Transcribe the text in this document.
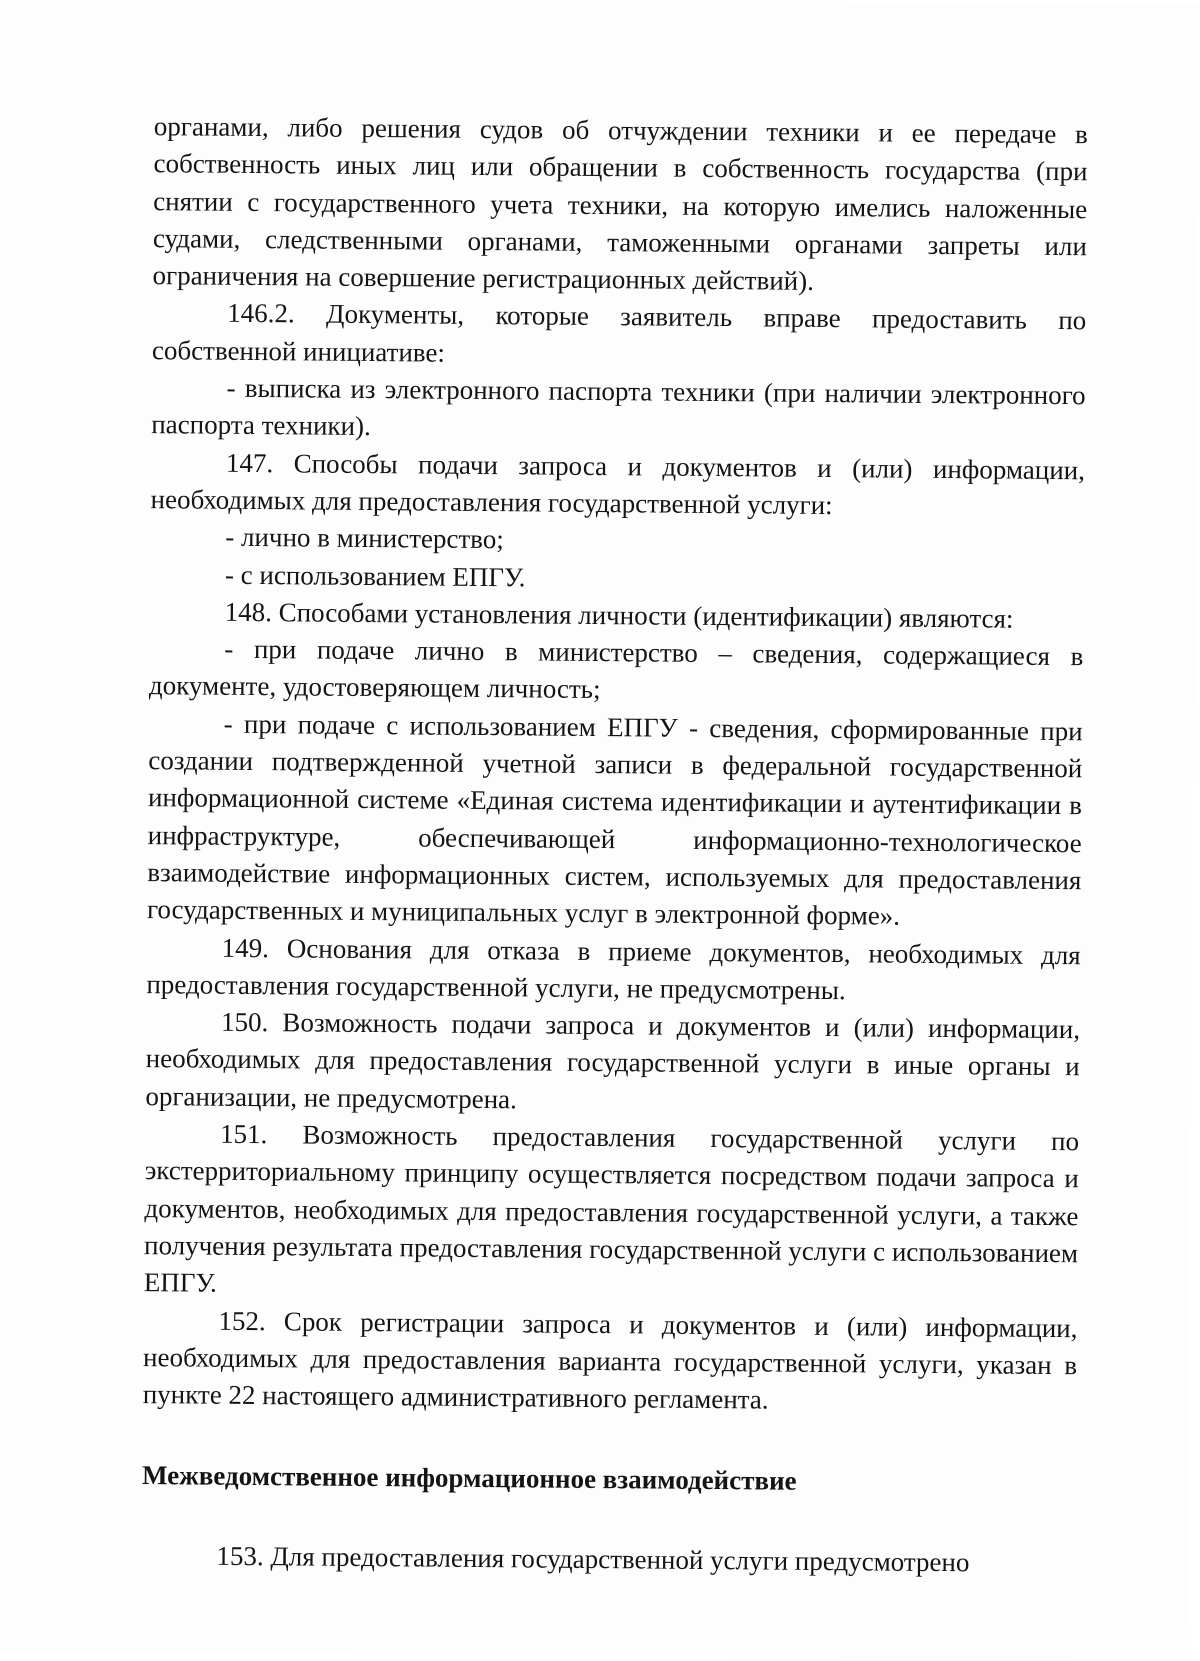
органами, либо решения судов об отчуждении техники и ее передаче в собственность иных лиц или обращении в собственность государства (при снятии с государственного учета техники, на которую имелись наложенные судами, следственными органами, таможенными органами запреты или ограничения на совершение регистрационных действий).

146.2. Документы, которые заявитель вправе предоставить по собственной инициативе:

- выписка из электронного паспорта техники (при наличии электронного паспорта техники).

147. Способы подачи запроса и документов и (или) информации, необходимых для предоставления государственной услуги:

- лично в министерство;

- с использованием ЕПГУ.

148. Способами установления личности (идентификации) являются:

- при подаче лично в министерство – сведения, содержащиеся в документе, удостоверяющем личность;

- при подаче с использованием ЕПГУ - сведения, сформированные при создании подтвержденной учетной записи в федеральной государственной информационной системе «Единая система идентификации и аутентификации в инфраструктуре, обеспечивающей информационно-технологическое взаимодействие информационных систем, используемых для предоставления государственных и муниципальных услуг в электронной форме».

149. Основания для отказа в приеме документов, необходимых для предоставления государственной услуги, не предусмотрены.

150. Возможность подачи запроса и документов и (или) информации, необходимых для предоставления государственной услуги в иные органы и организации, не предусмотрена.

151. Возможность предоставления государственной услуги по экстерриториальному принципу осуществляется посредством подачи запроса и документов, необходимых для предоставления государственной услуги, а также получения результата предоставления государственной услуги с использованием ЕПГУ.

152. Срок регистрации запроса и документов и (или) информации, необходимых для предоставления варианта государственной услуги, указан в пункте 22 настоящего административного регламента.

Межведомственное информационное взаимодействие

153. Для предоставления государственной услуги предусмотрено
